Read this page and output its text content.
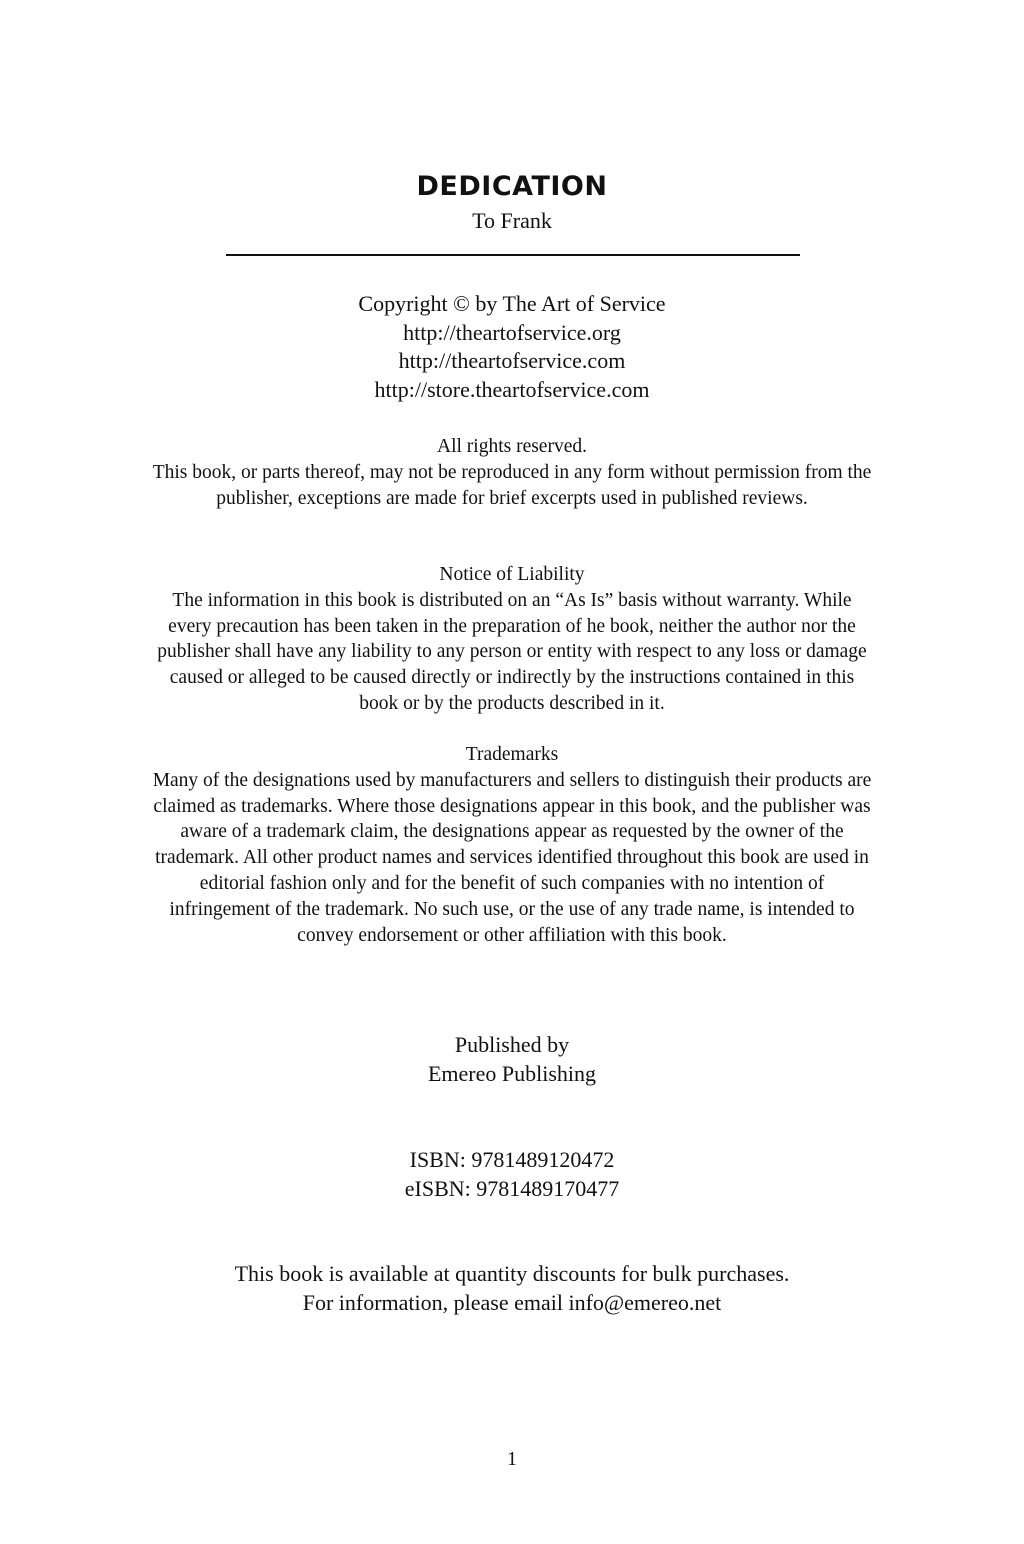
DEDICATION
To Frank
Copyright © by The Art of Service
http://theartofservice.org
http://theartofservice.com
http://store.theartofservice.com
All rights reserved.

This book, or parts thereof, may not be reproduced in any form without permission from the publisher, exceptions are made for brief excerpts used in published reviews.

Notice of Liability

The information in this book is distributed on an “As Is” basis without warranty. While every precaution has been taken in the preparation of he book, neither the author nor the publisher shall have any liability to any person or entity with respect to any loss or damage caused or alleged to be caused directly or indirectly by the instructions contained in this book or by the products described in it.

Trademarks

Many of the designations used by manufacturers and sellers to distinguish their products are claimed as trademarks. Where those designations appear in this book, and the publisher was aware of a trademark claim, the designations appear as requested by the owner of the trademark. All other product names and services identified throughout this book are used in editorial fashion only and for the benefit of such companies with no intention of infringement of the trademark. No such use, or the use of any trade name, is intended to convey endorsement or other affiliation with this book.

Published by
Emereo Publishing
ISBN: 9781489120472
eISBN: 9781489170477
This book is available at quantity discounts for bulk purchases.
For information, please email info@emereo.net
1
